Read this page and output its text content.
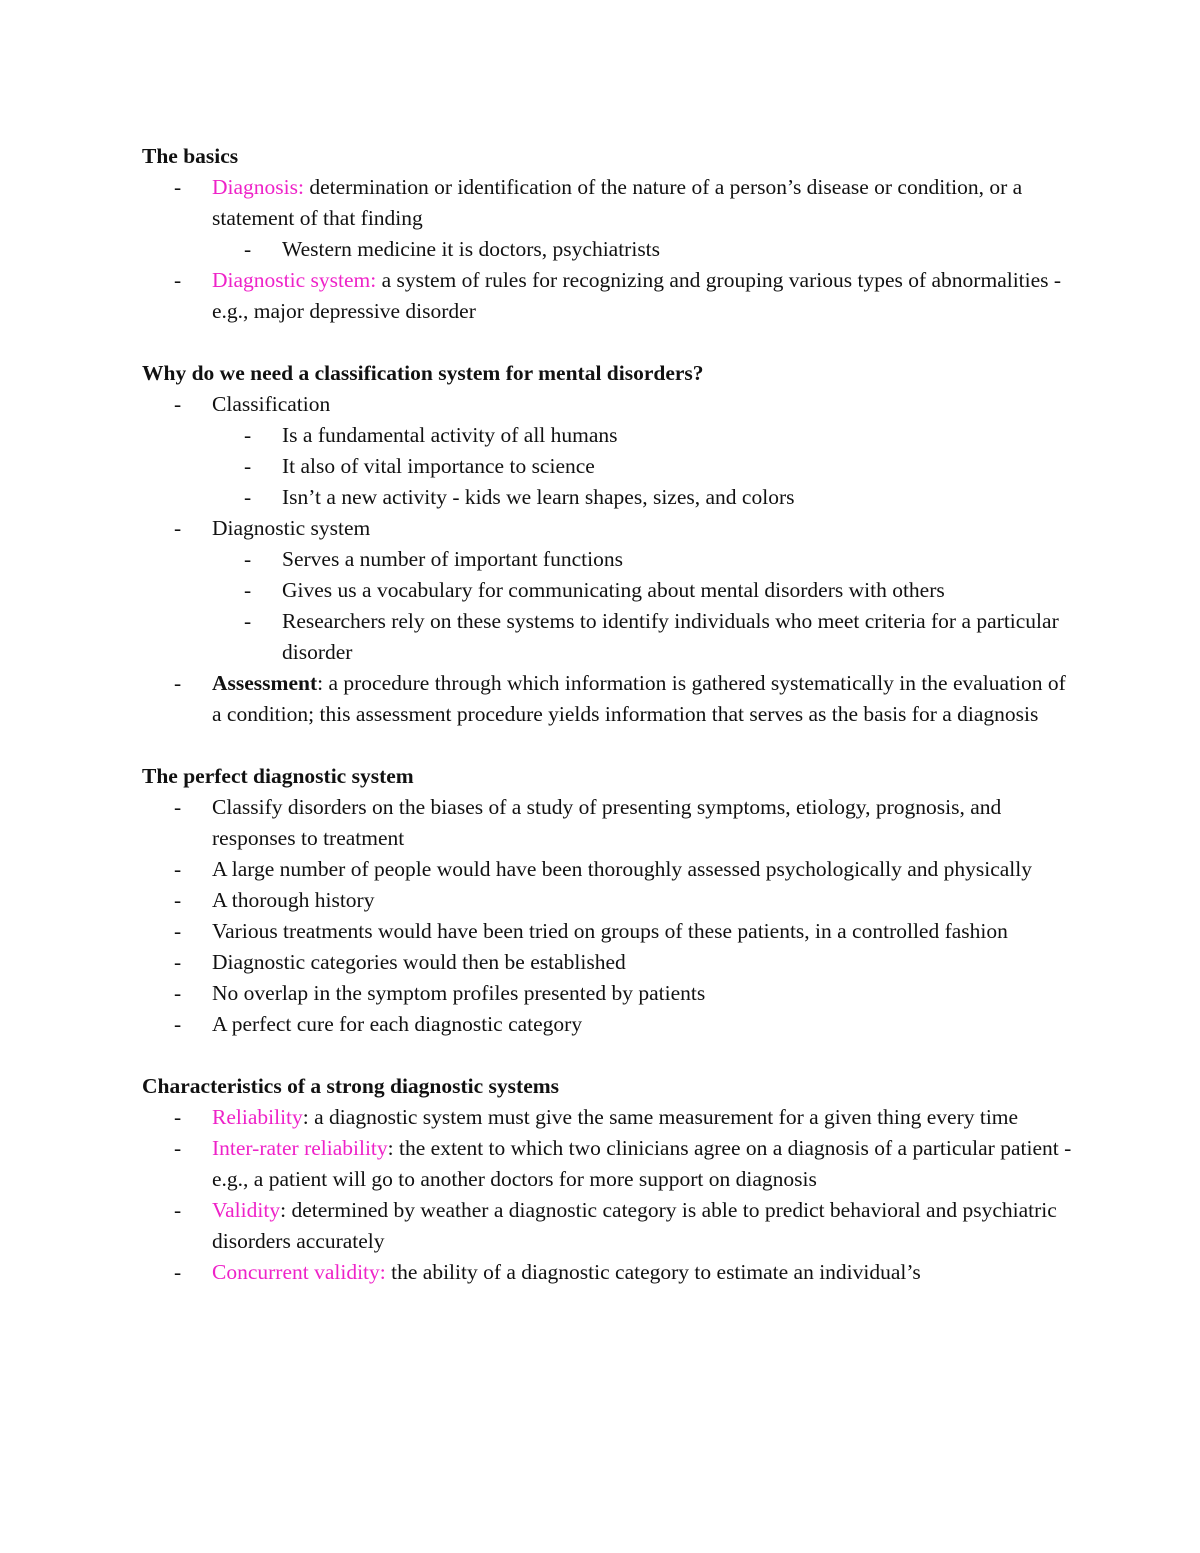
The basics
-	Diagnosis: determination or identification of the nature of a person’s disease or condition, or a statement of that finding
-	Western medicine it is doctors, psychiatrists
-	Diagnostic system: a system of rules for recognizing and grouping various types of abnormalities - e.g., major depressive disorder
Why do we need a classification system for mental disorders?
-	Classification
-	Is a fundamental activity of all humans
-	It also of vital importance to science
-	Isn’t a new activity - kids we learn shapes, sizes, and colors
-	Diagnostic system
-	Serves a number of important functions
-	Gives us a vocabulary for communicating about mental disorders with others
-	Researchers rely on these systems to identify individuals who meet criteria for a particular disorder
-	Assessment: a procedure through which information is gathered systematically in the evaluation of a condition; this assessment procedure yields information that serves as the basis for a diagnosis
The perfect diagnostic system
-	Classify disorders on the biases of a study of presenting symptoms, etiology, prognosis, and responses to treatment
-	A large number of people would have been thoroughly assessed psychologically and physically
-	A thorough history
-	Various treatments would have been tried on groups of these patients, in a controlled fashion
-	Diagnostic categories would then be established
-	No overlap in the symptom profiles presented by patients
-	A perfect cure for each diagnostic category
Characteristics of a strong diagnostic systems
-	Reliability: a diagnostic system must give the same measurement for a given thing every time
-	Inter-rater reliability: the extent to which two clinicians agree on a diagnosis of a particular patient - e.g., a patient will go to another doctors for more support on diagnosis
-	Validity: determined by weather a diagnostic category is able to predict behavioral and psychiatric disorders accurately
-	Concurrent validity: the ability of a diagnostic category to estimate an individual’s
